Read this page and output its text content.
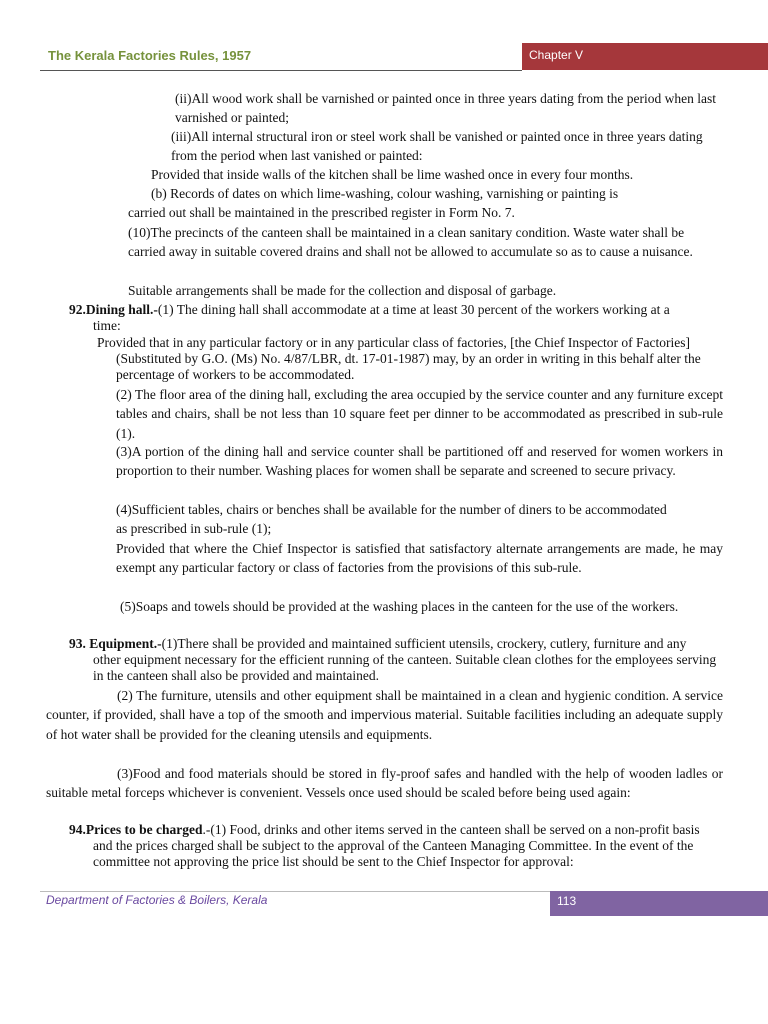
The Kerala Factories Rules, 1957	Chapter V
(ii)All wood work shall be varnished or painted once in three years dating from the period when last varnished or painted;
(iii)All internal structural iron or steel work shall be vanished or painted once in three years dating from the period when last vanished or painted:
Provided that inside walls of the kitchen shall be lime washed once in every four months.
(b) Records of dates on which lime-washing, colour washing, varnishing or painting is
carried out shall be maintained in the prescribed register in Form No. 7.
(10)The precincts of the canteen shall be maintained in a clean sanitary condition. Waste water shall be carried away in suitable covered drains and shall not be allowed to accumulate so as to cause a nuisance.
Suitable arrangements shall be made for the collection and disposal of garbage.
92.Dining hall.-(1) The dining hall shall accommodate at a time at least 30 percent of the workers working at a time:
Provided that in any particular factory or in any particular class of factories, [the Chief Inspector of Factories](Substituted by G.O. (Ms) No. 4/87/LBR, dt. 17-01-1987) may, by an order in writing in this behalf alter the percentage of workers to be accommodated.
(2) The floor area of the dining hall, excluding the area occupied by the service counter and any furniture except tables and chairs, shall be not less than 10 square feet per dinner to be accommodated as prescribed in sub-rule (1).
(3)A portion of the dining hall and service counter shall be partitioned off and reserved for women workers in proportion to their number. Washing places for women shall be separate and screened to secure privacy.
(4)Sufficient tables, chairs or benches shall be available for the number of diners to be accommodated as prescribed in sub-rule (1);
Provided that where the Chief Inspector is satisfied that satisfactory alternate arrangements are made, he may exempt any particular factory or class of factories from the provisions of this sub-rule.
(5)Soaps and towels should be provided at the washing places in the canteen for the use of the workers.
93. Equipment.-(1)There shall be provided and maintained sufficient utensils, crockery, cutlery, furniture and any other equipment necessary for the efficient running of the canteen. Suitable clean clothes for the employees serving in the canteen shall also be provided and maintained.
(2) The furniture, utensils and other equipment shall be maintained in a clean and hygienic condition. A service counter, if provided, shall have a top of the smooth and impervious material. Suitable facilities including an adequate supply of hot water shall be provided for the cleaning utensils and equipments.
(3)Food and food materials should be stored in fly-proof safes and handled with the help of wooden ladles or suitable metal forceps whichever is convenient. Vessels once used should be scaled before being used again:
94.Prices to be charged.-(1) Food, drinks and other items served in the canteen shall be served on a non-profit basis and the prices charged shall be subject to the approval of the Canteen Managing Committee. In the event of the committee not approving the price list should be sent to the Chief Inspector for approval:
Department of Factories & Boilers, Kerala	113
